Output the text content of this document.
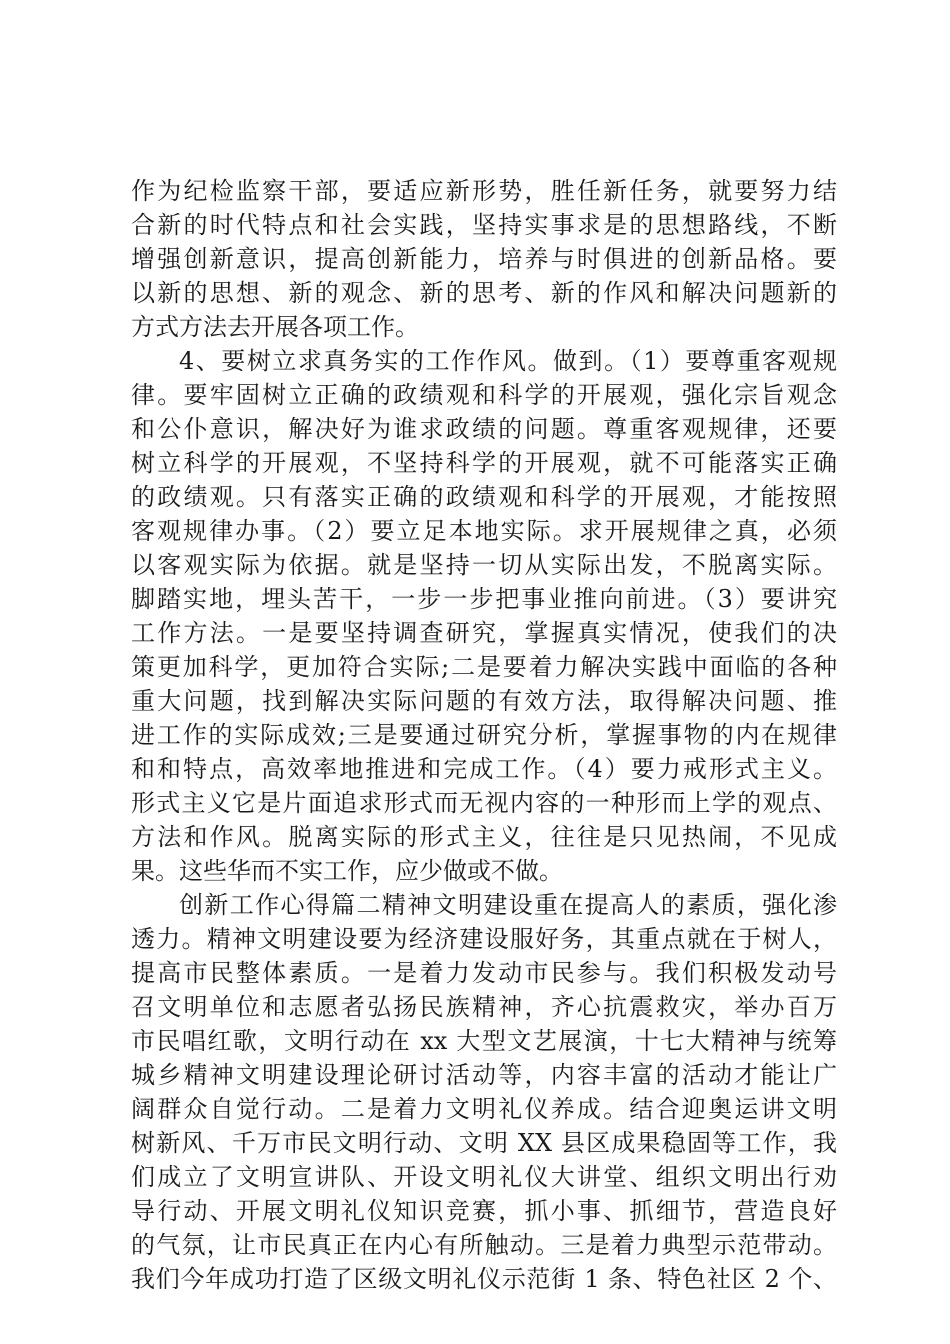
作为纪检监察干部，要适应新形势，胜任新任务，就要努力结
合新的时代特点和社会实践，坚持实事求是的思想路线，不断
增强创新意识，提高创新能力，培养与时俱进的创新品格。要
以新的思想、新的观念、新的思考、新的作风和解决问题新的
方式方法去开展各项工作。
4、要树立求真务实的工作作风。做到。（1）要尊重客观规
律。要牢固树立正确的政绩观和科学的开展观，强化宗旨观念
和公仆意识，解决好为谁求政绩的问题。尊重客观规律，还要
树立科学的开展观，不坚持科学的开展观，就不可能落实正确
的政绩观。只有落实正确的政绩观和科学的开展观，才能按照
客观规律办事。（2）要立足本地实际。求开展规律之真，必须
以客观实际为依据。就是坚持一切从实际出发，不脱离实际。
脚踏实地，埋头苦干，一步一步把事业推向前进。（3）要讲究
工作方法。一是要坚持调查研究，掌握真实情况，使我们的决
策更加科学，更加符合实际;二是要着力解决实践中面临的各种
重大问题，找到解决实际问题的有效方法，取得解决问题、推
进工作的实际成效;三是要通过研究分析，掌握事物的内在规律
和和特点，高效率地推进和完成工作。（4）要力戒形式主义。
形式主义它是片面追求形式而无视内容的一种形而上学的观点、
方法和作风。脱离实际的形式主义，往往是只见热闹，不见成
果。这些华而不实工作，应少做或不做。
创新工作心得篇二精神文明建设重在提高人的素质，强化渗
透力。精神文明建设要为经济建设服好务，其重点就在于树人，
提高市民整体素质。一是着力发动市民参与。我们积极发动号
召文明单位和志愿者弘扬民族精神，齐心抗震救灾，举办百万
市民唱红歌，文明行动在 xx 大型文艺展演，十七大精神与统筹
城乡精神文明建设理论研讨活动等，内容丰富的活动才能让广
阔群众自觉行动。二是着力文明礼仪养成。结合迎奥运讲文明
树新风、千万市民文明行动、文明 XX 县区成果稳固等工作，我
们成立了文明宣讲队、开设文明礼仪大讲堂、组织文明出行劝
导行动、开展文明礼仪知识竞赛，抓小事、抓细节，营造良好
的气氛，让市民真正在内心有所触动。三是着力典型示范带动。
我们今年成功打造了区级文明礼仪示范街 1 条、特色社区 2 个、
